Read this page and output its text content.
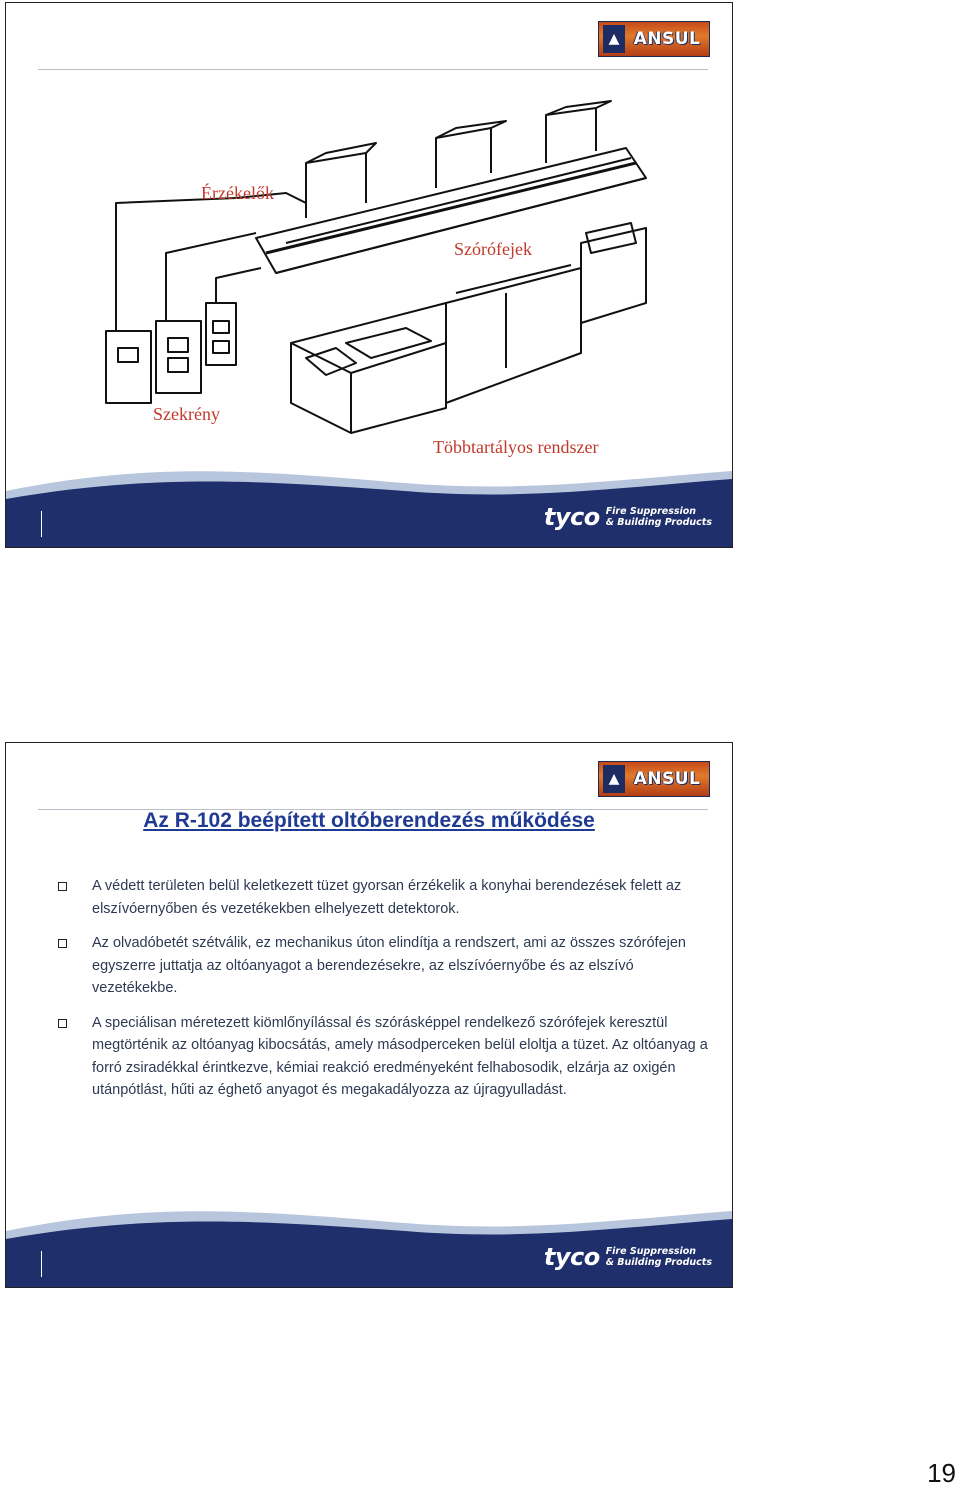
▲ ANSUL
Érzékelők
Szórófejek
Szekrény
Többtartályos rendszer
tyco Fire Suppression
& Building Products
▲ ANSUL
Az R-102 beépített oltóberendezés működése
A védett területen belül keletkezett tüzet gyorsan érzékelik a konyhai berendezések felett az elszívóernyőben és vezetékekben elhelyezett detektorok.
Az olvadóbetét szétválik, ez mechanikus úton elindítja a rendszert, ami az összes szórófejen egyszerre juttatja az oltóanyagot a berendezésekre, az elszívóernyőbe és az elszívó vezetékekbe.
A speciálisan méretezett kiömlőnyílással és szórásképpel rendelkező szórófejek keresztül megtörténik az oltóanyag kibocsátás, amely másodperceken belül eloltja a tüzet. Az oltóanyag a forró zsiradékkal érintkezve, kémiai reakció eredményeként felhabosodik, elzárja az oxigén utánpótlást, hűti az éghető anyagot és megakadályozza az újragyulladást.
tyco Fire Suppression
& Building Products
19
